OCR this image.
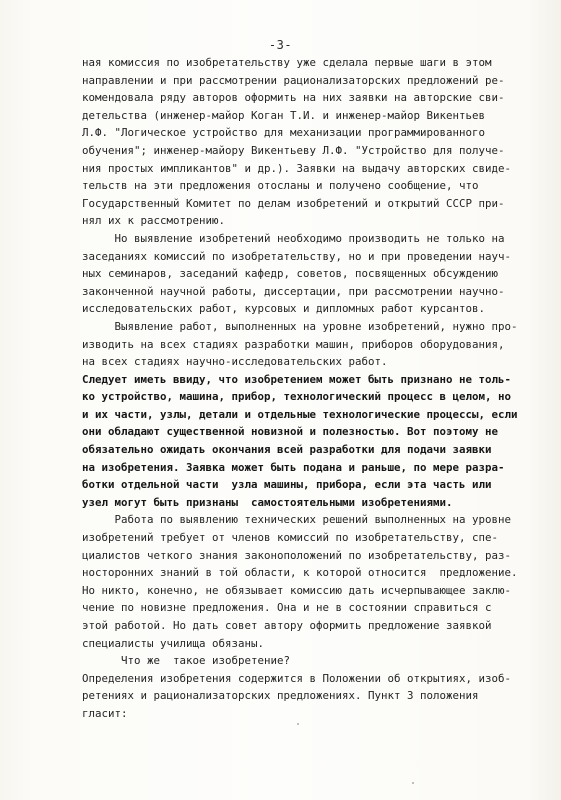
-3-
ная комиссия по изобретательству уже сделала первые шаги в этом
направлении и при рассмотрении рационализаторских предложений ре-
комендовала ряду авторов оформить на них заявки на авторские сви-
детельства (инженер-майор Коган Т.И. и инженер-майор Викентьев
Л.Ф. "Логическое устройство для механизации программированного
обучения"; инженер-майору Викентьеву Л.Ф. "Устройство для получе-
ния простых импликантов" и др.). Заявки на выдачу авторских свиде-
тельств на эти предложения отосланы и получено сообщение, что
Государственный Комитет по делам изобретений и открытий СССР при-
нял их к рассмотрению.
Но выявление изобретений необходимо производить не только на
заседаниях комиссий по изобретательству, но и при проведении науч-
ных семинаров, заседаний кафедр, советов, посвященных обсуждению
законченной научной работы, диссертации, при рассмотрении научно-
исследовательских работ, курсовых и дипломных работ курсантов.
Выявление работ, выполненных на уровне изобретений, нужно про-
изводить на всех стадиях разработки машин, приборов оборудования,
на всех стадиях научно-исследовательских работ.
Следует иметь ввиду, что изобретением может быть признано не толь-
ко устройство, машина, прибор, технологический процесс в целом, но
и их части, узлы, детали и отдельные технологические процессы, если
они обладают существенной новизной и полезностью. Вот поэтому не
обязательно ожидать окончания всей разработки для подачи заявки
на изобретения. Заявка может быть подана и раньше, по мере разра-
ботки отдельной части  узла машины, прибора, если эта часть или
узел могут быть признаны  самостоятельными изобретениями.
Работа по выявлению технических решений выполненных на уровне
изобретений требует от членов комиссий по изобретательству, спе-
циалистов четкого знания законоположений по изобретательству, раз-
носторонних знаний в той области, к которой относится  предложение.
Но никто, конечно, не обязывает комиссию дать исчерпывающее заклю-
чение по новизне предложения. Она и не в состоянии справиться с
этой работой. Но дать совет автору оформить предложение заявкой
специалисты училища обязаны.
Что же  такое изобретение?
Определения изобретения содержится в Положении об открытиях, изоб-
ретениях и рационализаторских предложениях. Пункт 3 положения
гласит:
